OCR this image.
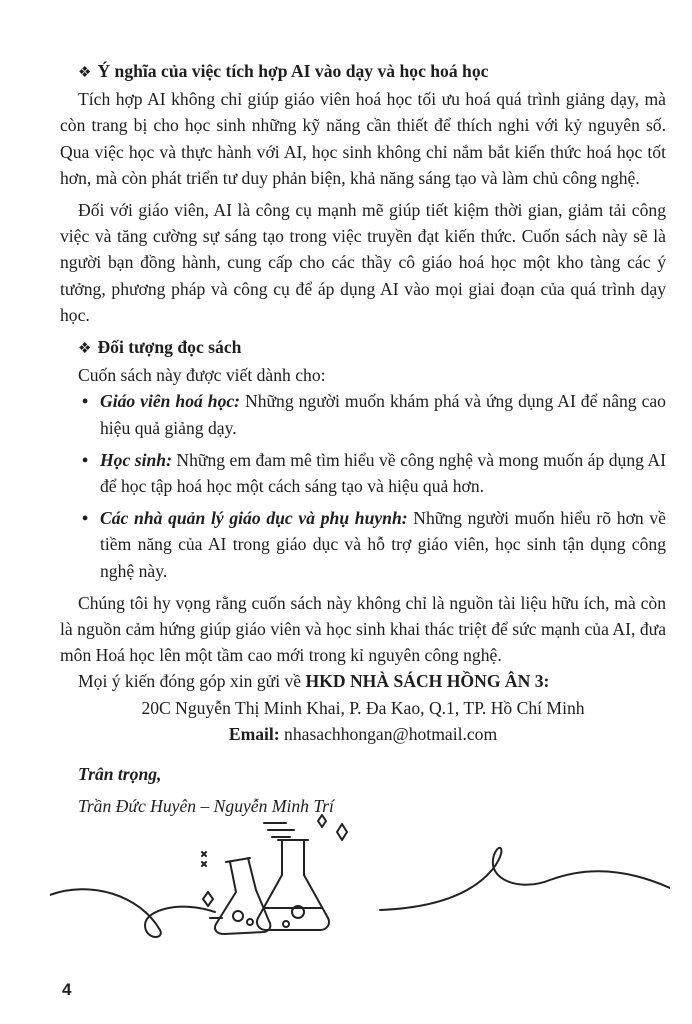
❖ Ý nghĩa của việc tích hợp AI vào dạy và học hoá học

Tích hợp AI không chỉ giúp giáo viên hoá học tối ưu hoá quá trình giảng dạy, mà còn trang bị cho học sinh những kỹ năng cần thiết để thích nghi với kỷ nguyên số. Qua việc học và thực hành với AI, học sinh không chỉ nắm bắt kiến thức hoá học tốt hơn, mà còn phát triển tư duy phản biện, khả năng sáng tạo và làm chủ công nghệ.

Đối với giáo viên, AI là công cụ mạnh mẽ giúp tiết kiệm thời gian, giảm tải công việc và tăng cường sự sáng tạo trong việc truyền đạt kiến thức. Cuốn sách này sẽ là người bạn đồng hành, cung cấp cho các thầy cô giáo hoá học một kho tàng các ý tưởng, phương pháp và công cụ để áp dụng AI vào mọi giai đoạn của quá trình dạy học.

❖ Đối tượng đọc sách

Cuốn sách này được viết dành cho:

• Giáo viên hoá học: Những người muốn khám phá và ứng dụng AI để nâng cao hiệu quả giảng dạy.
• Học sinh: Những em đam mê tìm hiểu về công nghệ và mong muốn áp dụng AI để học tập hoá học một cách sáng tạo và hiệu quả hơn.
• Các nhà quản lý giáo dục và phụ huynh: Những người muốn hiểu rõ hơn về tiềm năng của AI trong giáo dục và hỗ trợ giáo viên, học sinh tận dụng công nghệ này.

Chúng tôi hy vọng rằng cuốn sách này không chỉ là nguồn tài liệu hữu ích, mà còn là nguồn cảm hứng giúp giáo viên và học sinh khai thác triệt để sức mạnh của AI, đưa môn Hoá học lên một tầm cao mới trong kỉ nguyên công nghệ.

Mọi ý kiến đóng góp xin gửi về HKD NHÀ SÁCH HỒNG ÂN 3:

20C Nguyễn Thị Minh Khai, P. Đa Kao, Q.1, TP. Hồ Chí Minh

Email: nhasachhongan@hotmail.com

Trân trọng,

Trần Đức Huyên – Nguyễn Minh Trí

4
